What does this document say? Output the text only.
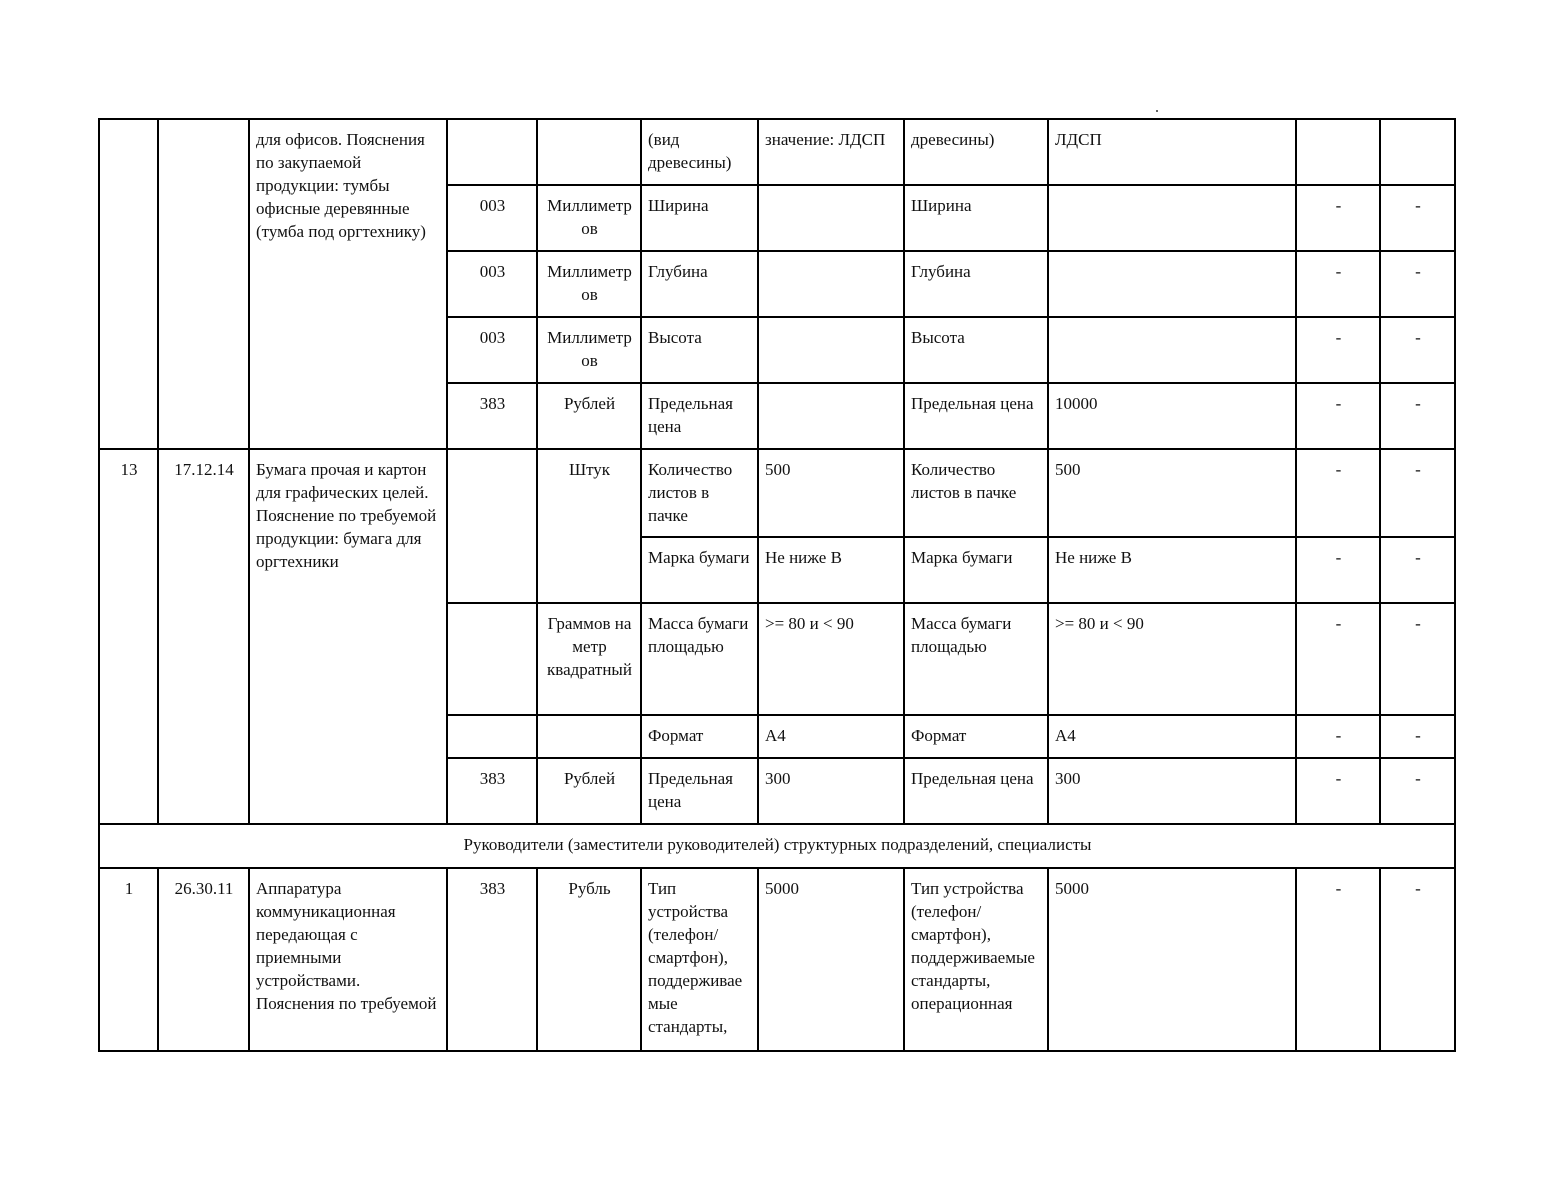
		для офисов. Пояснения по закупаемой продукции: тумбы офисные деревянные (тумба под оргтехнику)			(вид древесины)	значение: ЛДСП	древесины)	ЛДСП		
			003	Миллиметров	Ширина		Ширина		-	-
			003	Миллиметров	Глубина		Глубина		-	-
			003	Миллиметров	Высота		Высота		-	-
			383	Рублей	Предельная цена		Предельная цена	10000	-	-
13	17.12.14	Бумага прочая и картон для графических целей. Пояснение по требуемой продукции: бумага для оргтехники		Штук	Количество листов в пачке	500	Количество листов в пачке	500	-	-
					Марка бумаги	Не ниже В	Марка бумаги	Не ниже В	-	-
				Граммов на метр квадратный	Масса бумаги площадью	>= 80 и < 90	Масса бумаги площадью	>= 80 и < 90	-	-
					Формат	А4	Формат	А4	-	-
			383	Рублей	Предельная цена	300	Предельная цена	300	-	-
Руководители (заместители руководителей) структурных подразделений, специалисты										
1	26.30.11	Аппаратура коммуникационная передающая с приемными устройствами. Пояснения по требуемой	383	Рубль	Тип устройства (телефон/смартфон), поддерживаемые стандарты,	5000	Тип устройства (телефон/смартфон), поддерживаемые стандарты, операционная	5000	-	-
